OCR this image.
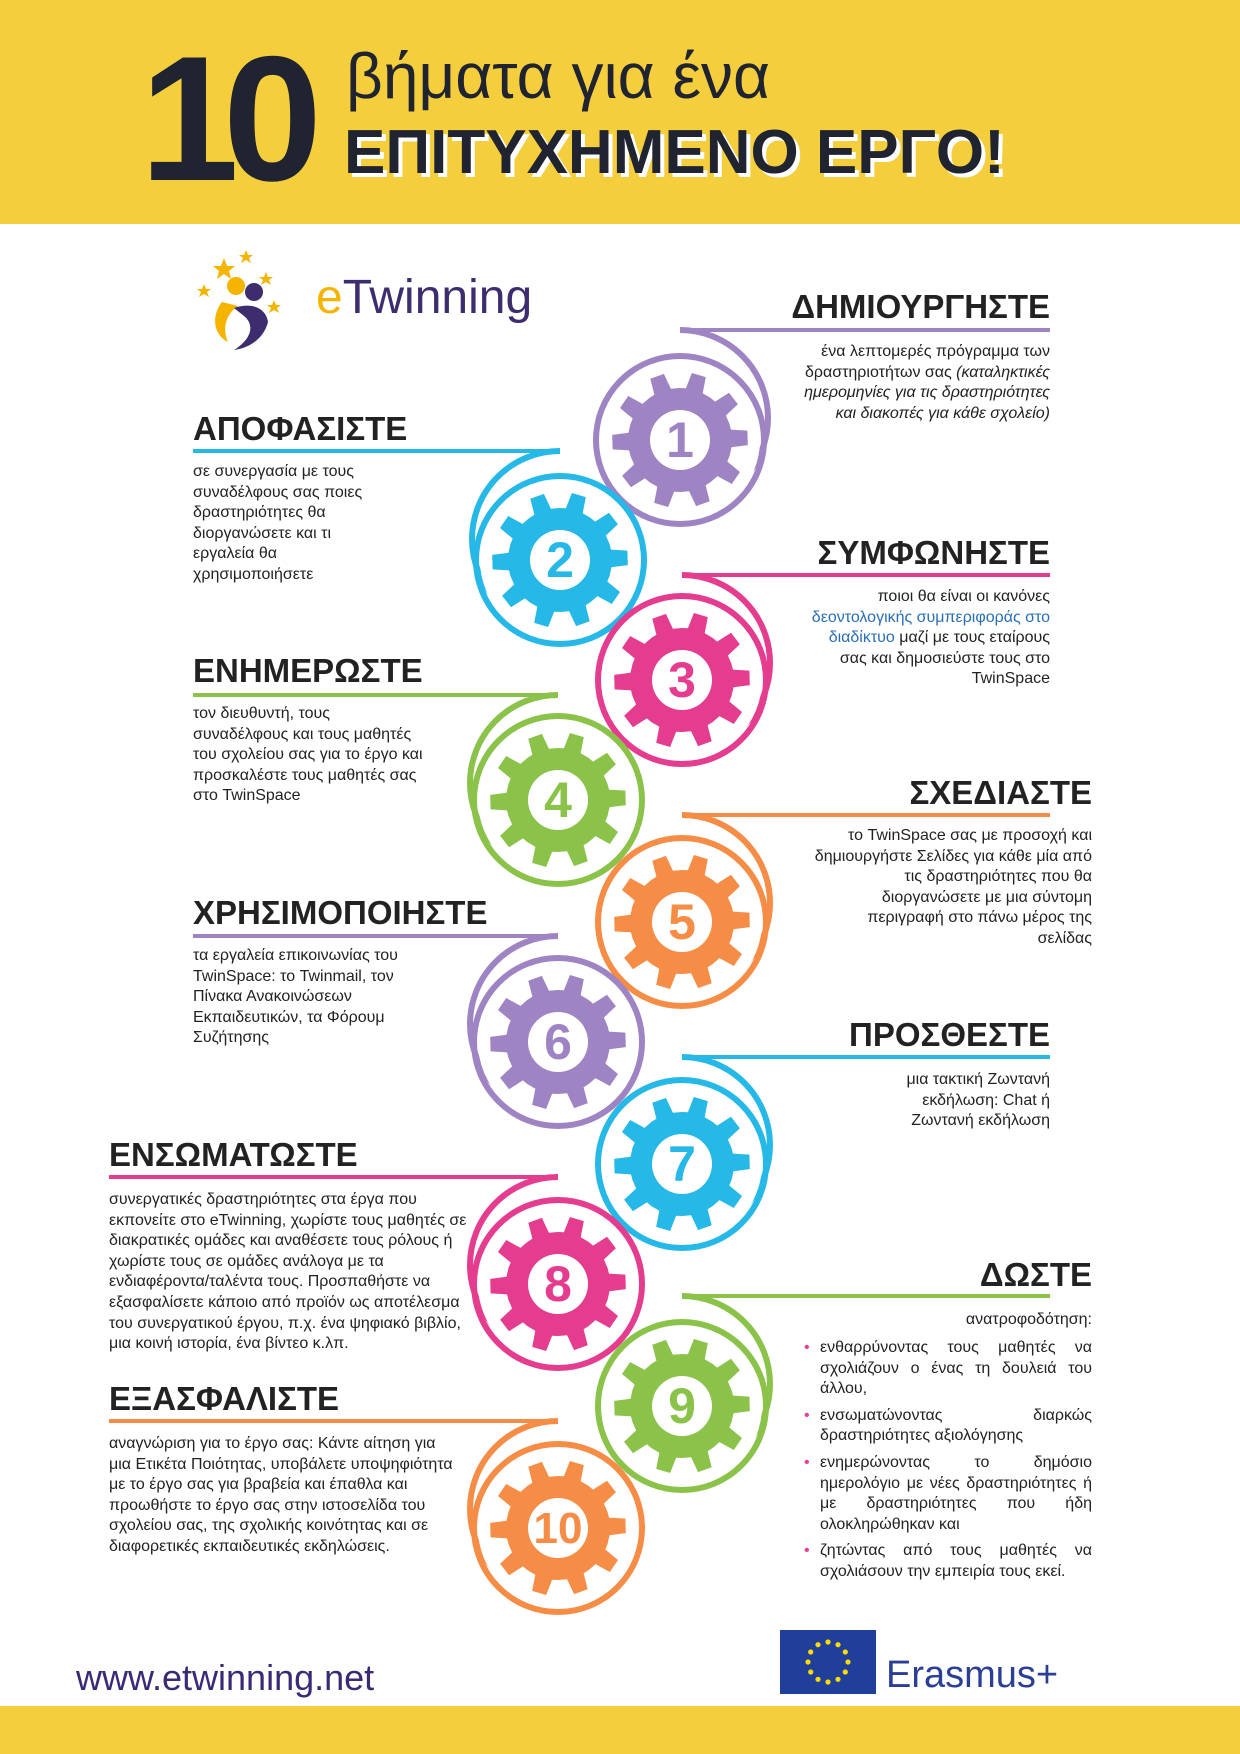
10 βήματα για ένα
ΕΠΙΤΥΧΗΜΕΝΟ ΕΡΓΟ!
eTwinning
1
2
3
4
5
6
7
8
9
10
ΔΗΜΙΟΥΡΓΗΣΤΕ
ένα λεπτομερές πρόγραμμα των δραστηριοτήτων σας (καταληκτικές ημερομηνίες για τις δραστηριότητες και διακοπές για κάθε σχολείο)
ΑΠΟΦΑΣΙΣΤΕ
σε συνεργασία με τους συναδέλφους σας ποιες δραστηριότητες θα διοργανώσετε και τι εργαλεία θα χρησιμοποιήσετε
ΣΥΜΦΩΝΗΣΤΕ
ποιοι θα είναι οι κανόνες δεοντολογικής συμπεριφοράς στο διαδίκτυο μαζί με τους εταίρους σας και δημοσιεύστε τους στο TwinSpace
ΕΝΗΜΕΡΩΣΤΕ
τον διευθυντή, τους συναδέλφους και τους μαθητές του σχολείου σας για το έργο και προσκαλέστε τους μαθητές σας στο TwinSpace	ΣΧΕΔΙΑΣΤΕ
το TwinSpace σας με προσοχή και δημιουργήστε Σελίδες για κάθε μία από τις δραστηριότητες που θα διοργανώσετε με μια σύντομη περιγραφή στο πάνω μέρος της σελίδας
ΧΡΗΣΙΜΟΠΟΙΗΣΤΕ
τα εργαλεία επικοινωνίας του TwinSpace: το Twinmail, τον Πίνακα Ανακοινώσεων Εκπαιδευτικών, τα Φόρουμ Συζήτησης	ΠΡΟΣΘΕΣΤΕ
μια τακτική Ζωντανή εκδήλωση: Chat ή Ζωντανή εκδήλωση
ΕΝΣΩΜΑΤΩΣΤΕ
συνεργατικές δραστηριότητες στα έργα που εκπονείτε στο eTwinning, χωρίστε τους μαθητές σε διακρατικές ομάδες και αναθέσετε τους ρόλους ή χωρίστε τους σε ομάδες ανάλογα με τα ενδιαφέροντα/ταλέντα τους. Προσπαθήστε να εξασφαλίσετε κάποιο από προϊόν ως αποτέλεσμα του συνεργατικού έργου, π.χ. ένα ψηφιακό βιβλίο, μια κοινή ιστορία, ένα βίντεο κ.λπ.
ΔΩΣΤΕ
ανατροφοδότηση:
• ενθαρρύνοντας τους μαθητές να σχολιάζουν ο ένας τη δουλειά του άλλου,
• ενσωματώνοντας διαρκώς δραστηριότητες αξιολόγησης
• ενημερώνοντας το δημόσιο ημερολόγιο με νέες δραστηριότητες ή με δραστηριότητες που ήδη ολοκληρώθηκαν και
• ζητώντας από τους μαθητές να σχολιάσουν την εμπειρία τους εκεί.
ΕΞΑΣΦΑΛΙΣΤΕ
αναγνώριση για το έργο σας: Κάντε αίτηση για μια Ετικέτα Ποιότητας, υποβάλετε υποψηφιότητα με το έργο σας για βραβεία και έπαθλα και προωθήστε το έργο σας στην ιστοσελίδα του σχολείου σας, της σχολικής κοινότητας και σε διαφορετικές εκπαιδευτικές εκδηλώσεις.
www.etwinning.net	Erasmus+
